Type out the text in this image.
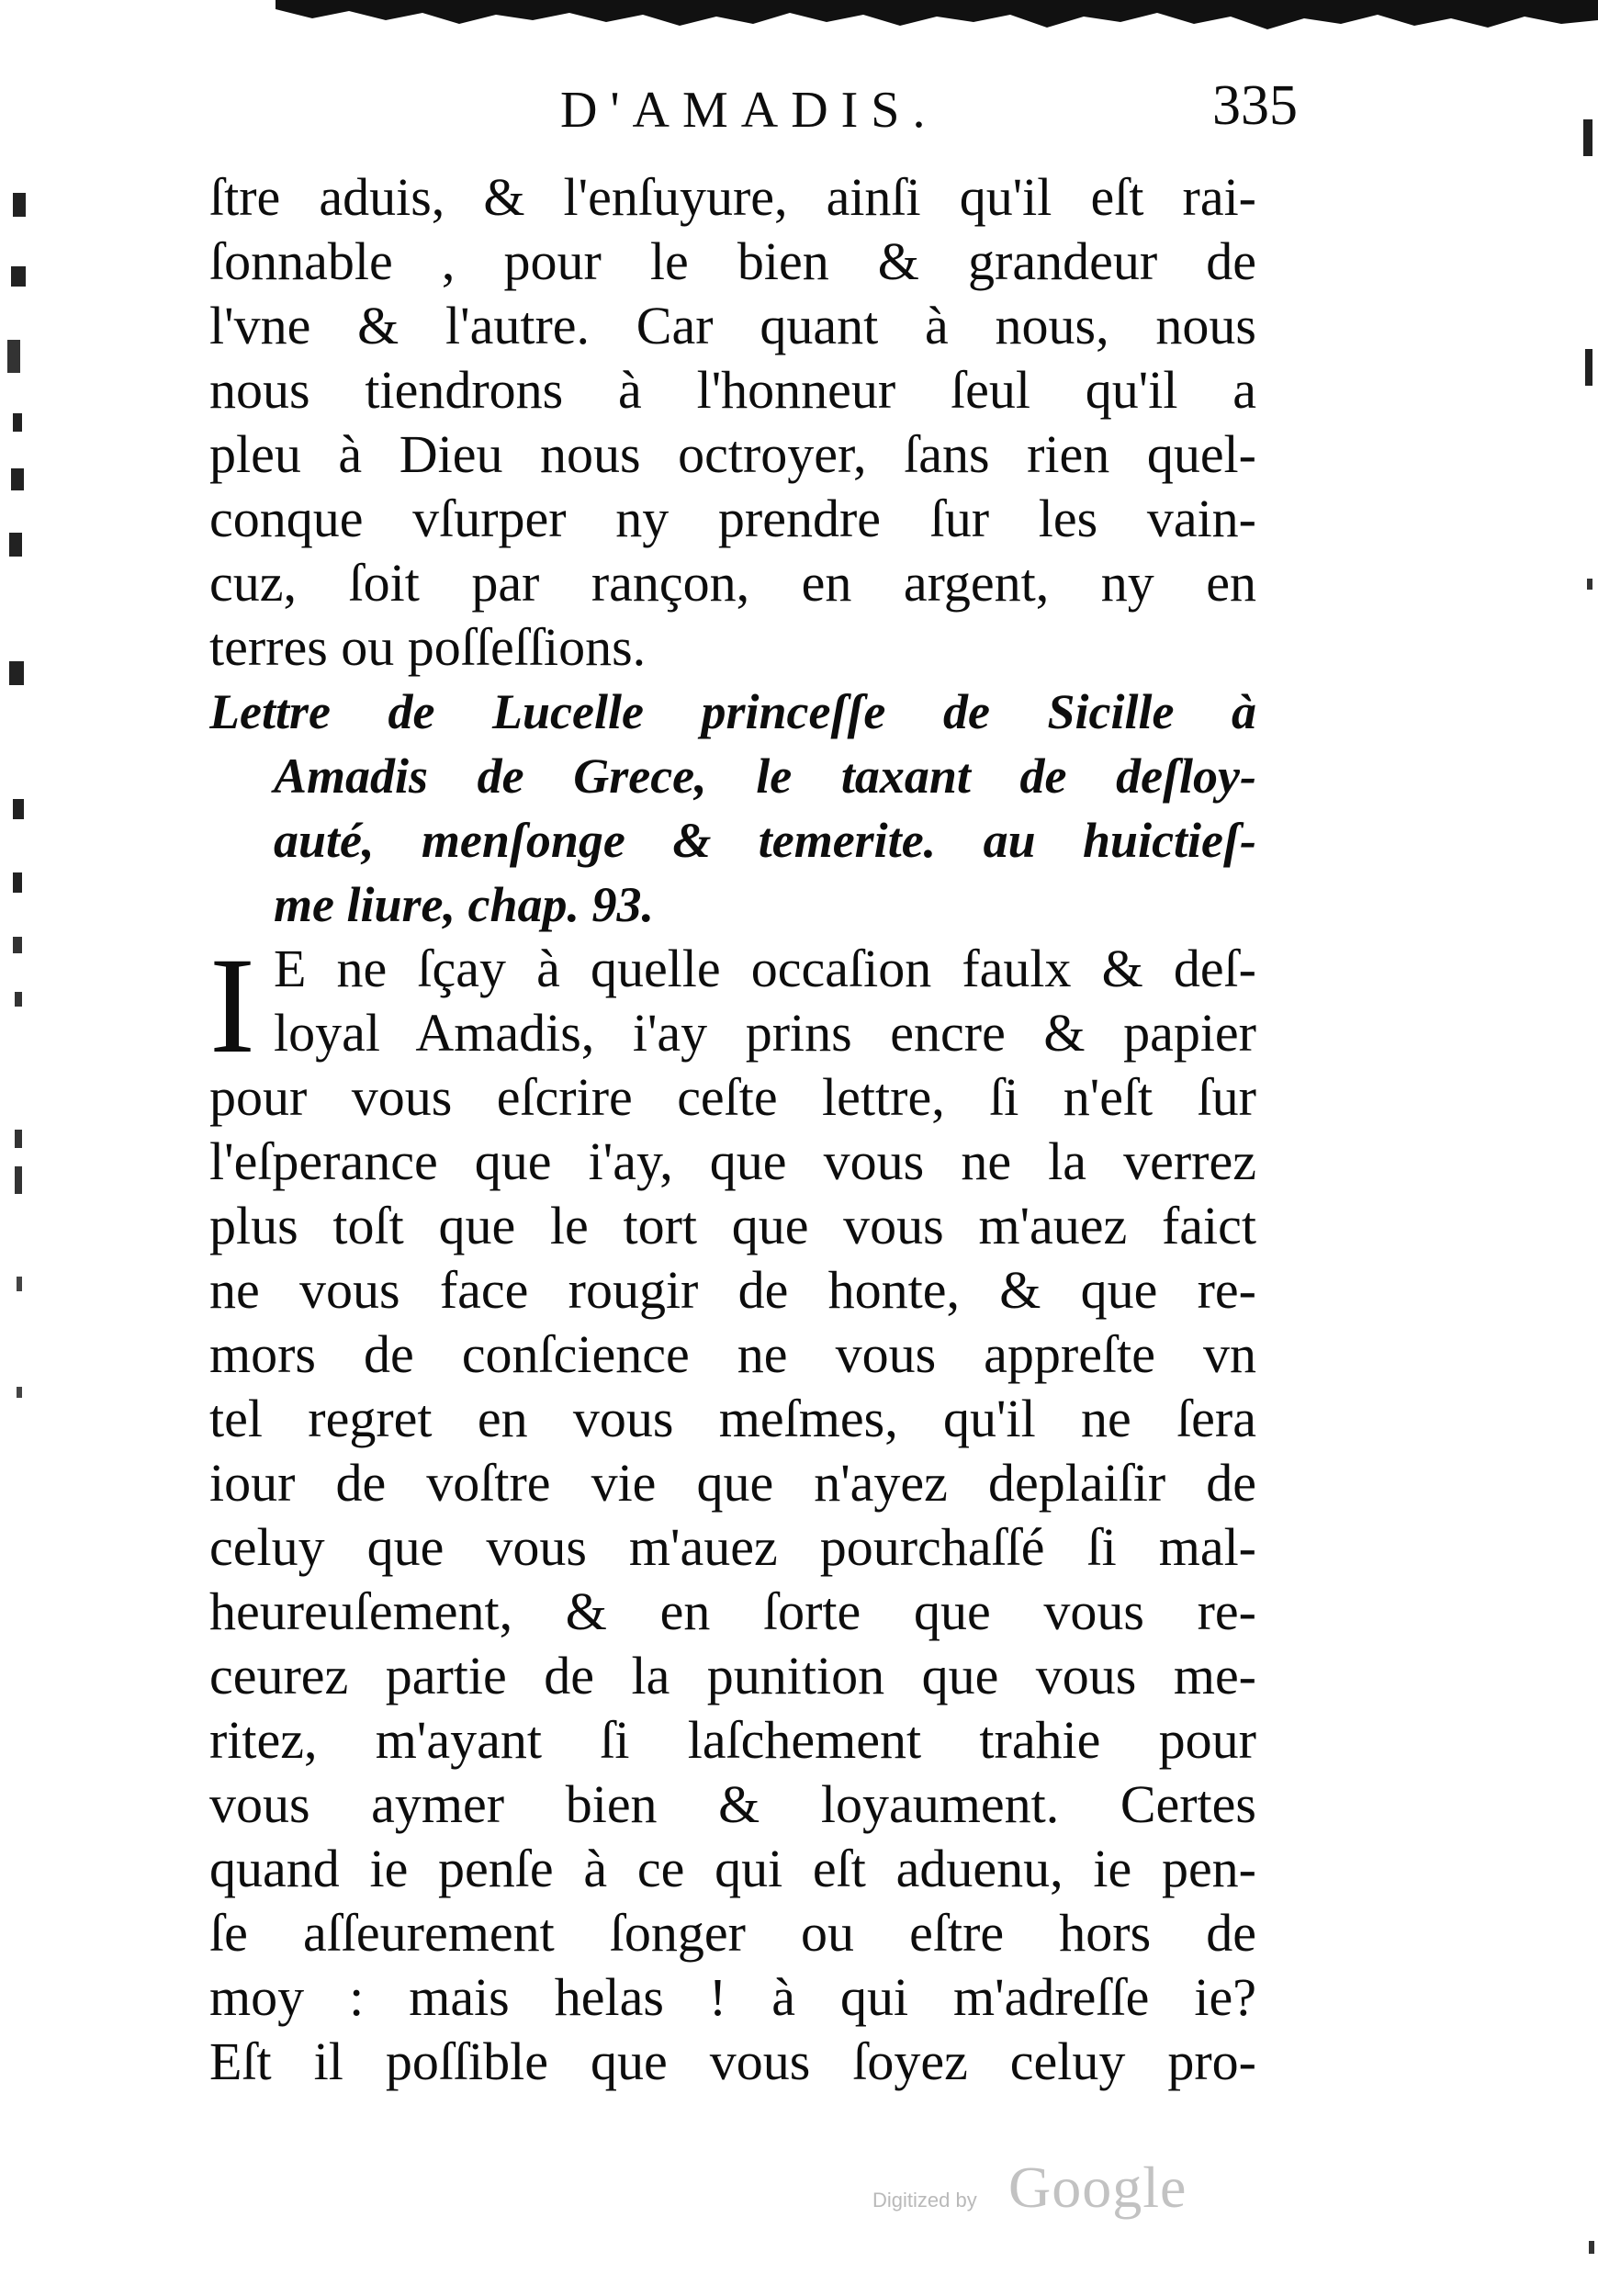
D'AMADIS.	335
ſtre aduis, & l'enſuyure, ainſi qu'il eſt rai-
ſonnable , pour le bien & grandeur de
l'vne & l'autre. Car quant à nous, nous
nous tiendrons à l'honneur ſeul qu'il a
pleu à Dieu nous octroyer, ſans rien quel-
conque vſurper ny prendre ſur les vain-
cuz, ſoit par rançon, en argent, ny en
terres ou poſſeſſions.
Lettre de Lucelle princeſſe de Sicille à
Amadis de Grece, le taxant de deſloy-
auté, menſonge & temerite. au huictieſ-
me liure, chap. 93.
I E ne ſçay à quelle occaſion faulx & deſ-
loyal Amadis, i'ay prins encre & papier
pour vous eſcrire ceſte lettre, ſi n'eſt ſur
l'eſperance que i'ay, que vous ne la verrez
plus toſt que le tort que vous m'auez faict
ne vous face rougir de honte, & que re-
mors de conſcience ne vous appreſte vn
tel regret en vous meſmes, qu'il ne ſera
iour de voſtre vie que n'ayez deplaiſir de
celuy que vous m'auez pourchaſſé ſi mal-
heureuſement, & en ſorte que vous re-
ceurez partie de la punition que vous me-
ritez, m'ayant ſi laſchement trahie pour
vous aymer bien & loyaument. Certes
quand ie penſe à ce qui eſt aduenu, ie pen-
ſe aſſeurement ſonger ou eſtre hors de
moy : mais helas ! à qui m'adreſſe ie?
Eſt il poſſible que vous ſoyez celuy pro-
Digitized by Google
